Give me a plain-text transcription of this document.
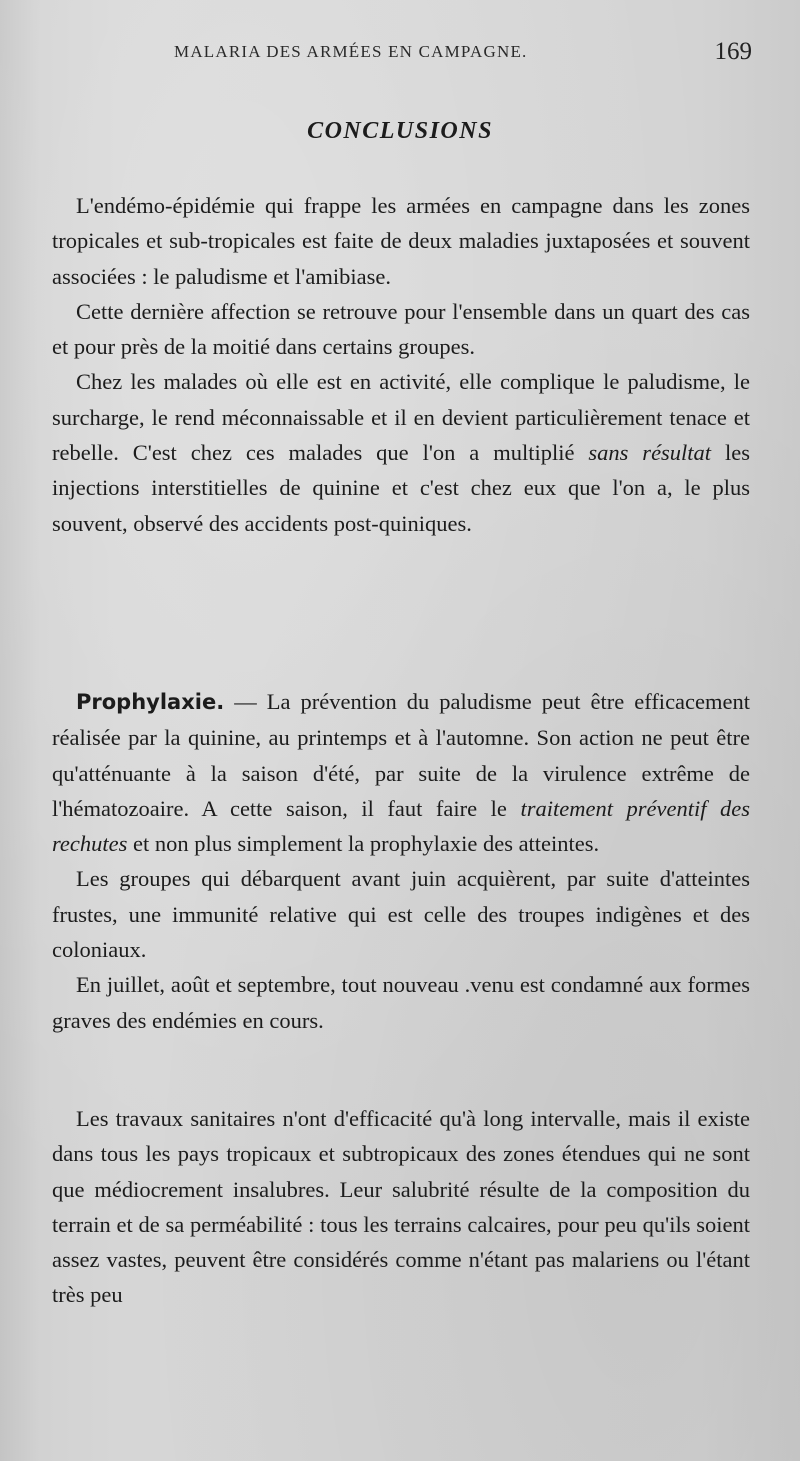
MALARIA DES ARMÉES EN CAMPAGNE.	169
CONCLUSIONS

L'endémo-épidémie qui frappe les armées en campagne dans les zones tropicales et sub-tropicales est faite de deux maladies juxtaposées et souvent associées : le paludisme et l'amibiase.

Cette dernière affection se retrouve pour l'ensemble dans un quart des cas et pour près de la moitié dans certains groupes.

Chez les malades où elle est en activité, elle complique le paludisme, le surcharge, le rend méconnaissable et il en devient particulièrement tenace et rebelle. C'est chez ces malades que l'on a multiplié sans résultat les injections interstitielles de quinine et c'est chez eux que l'on a, le plus souvent, observé des accidents post-quiniques.

Prophylaxie. — La prévention du paludisme peut être efficacement réalisée par la quinine, au printemps et à l'automne. Son action ne peut être qu'atténuante à la saison d'été, par suite de la virulence extrême de l'hématozoaire. A cette saison, il faut faire le traitement préventif des rechutes et non plus simplement la prophylaxie des atteintes.

Les groupes qui débarquent avant juin acquièrent, par suite d'atteintes frustes, une immunité relative qui est celle des troupes indigènes et des coloniaux.

En juillet, août et septembre, tout nouveau .venu est condamné aux formes graves des endémies en cours.

Les travaux sanitaires n'ont d'efficacité qu'à long intervalle, mais il existe dans tous les pays tropicaux et subtropicaux des zones étendues qui ne sont que médiocrement insalubres. Leur salubrité résulte de la composition du terrain et de sa perméabilité : tous les terrains calcaires, pour peu qu'ils soient assez vastes, peuvent être considérés comme n'étant pas malariens ou l'étant très peu
